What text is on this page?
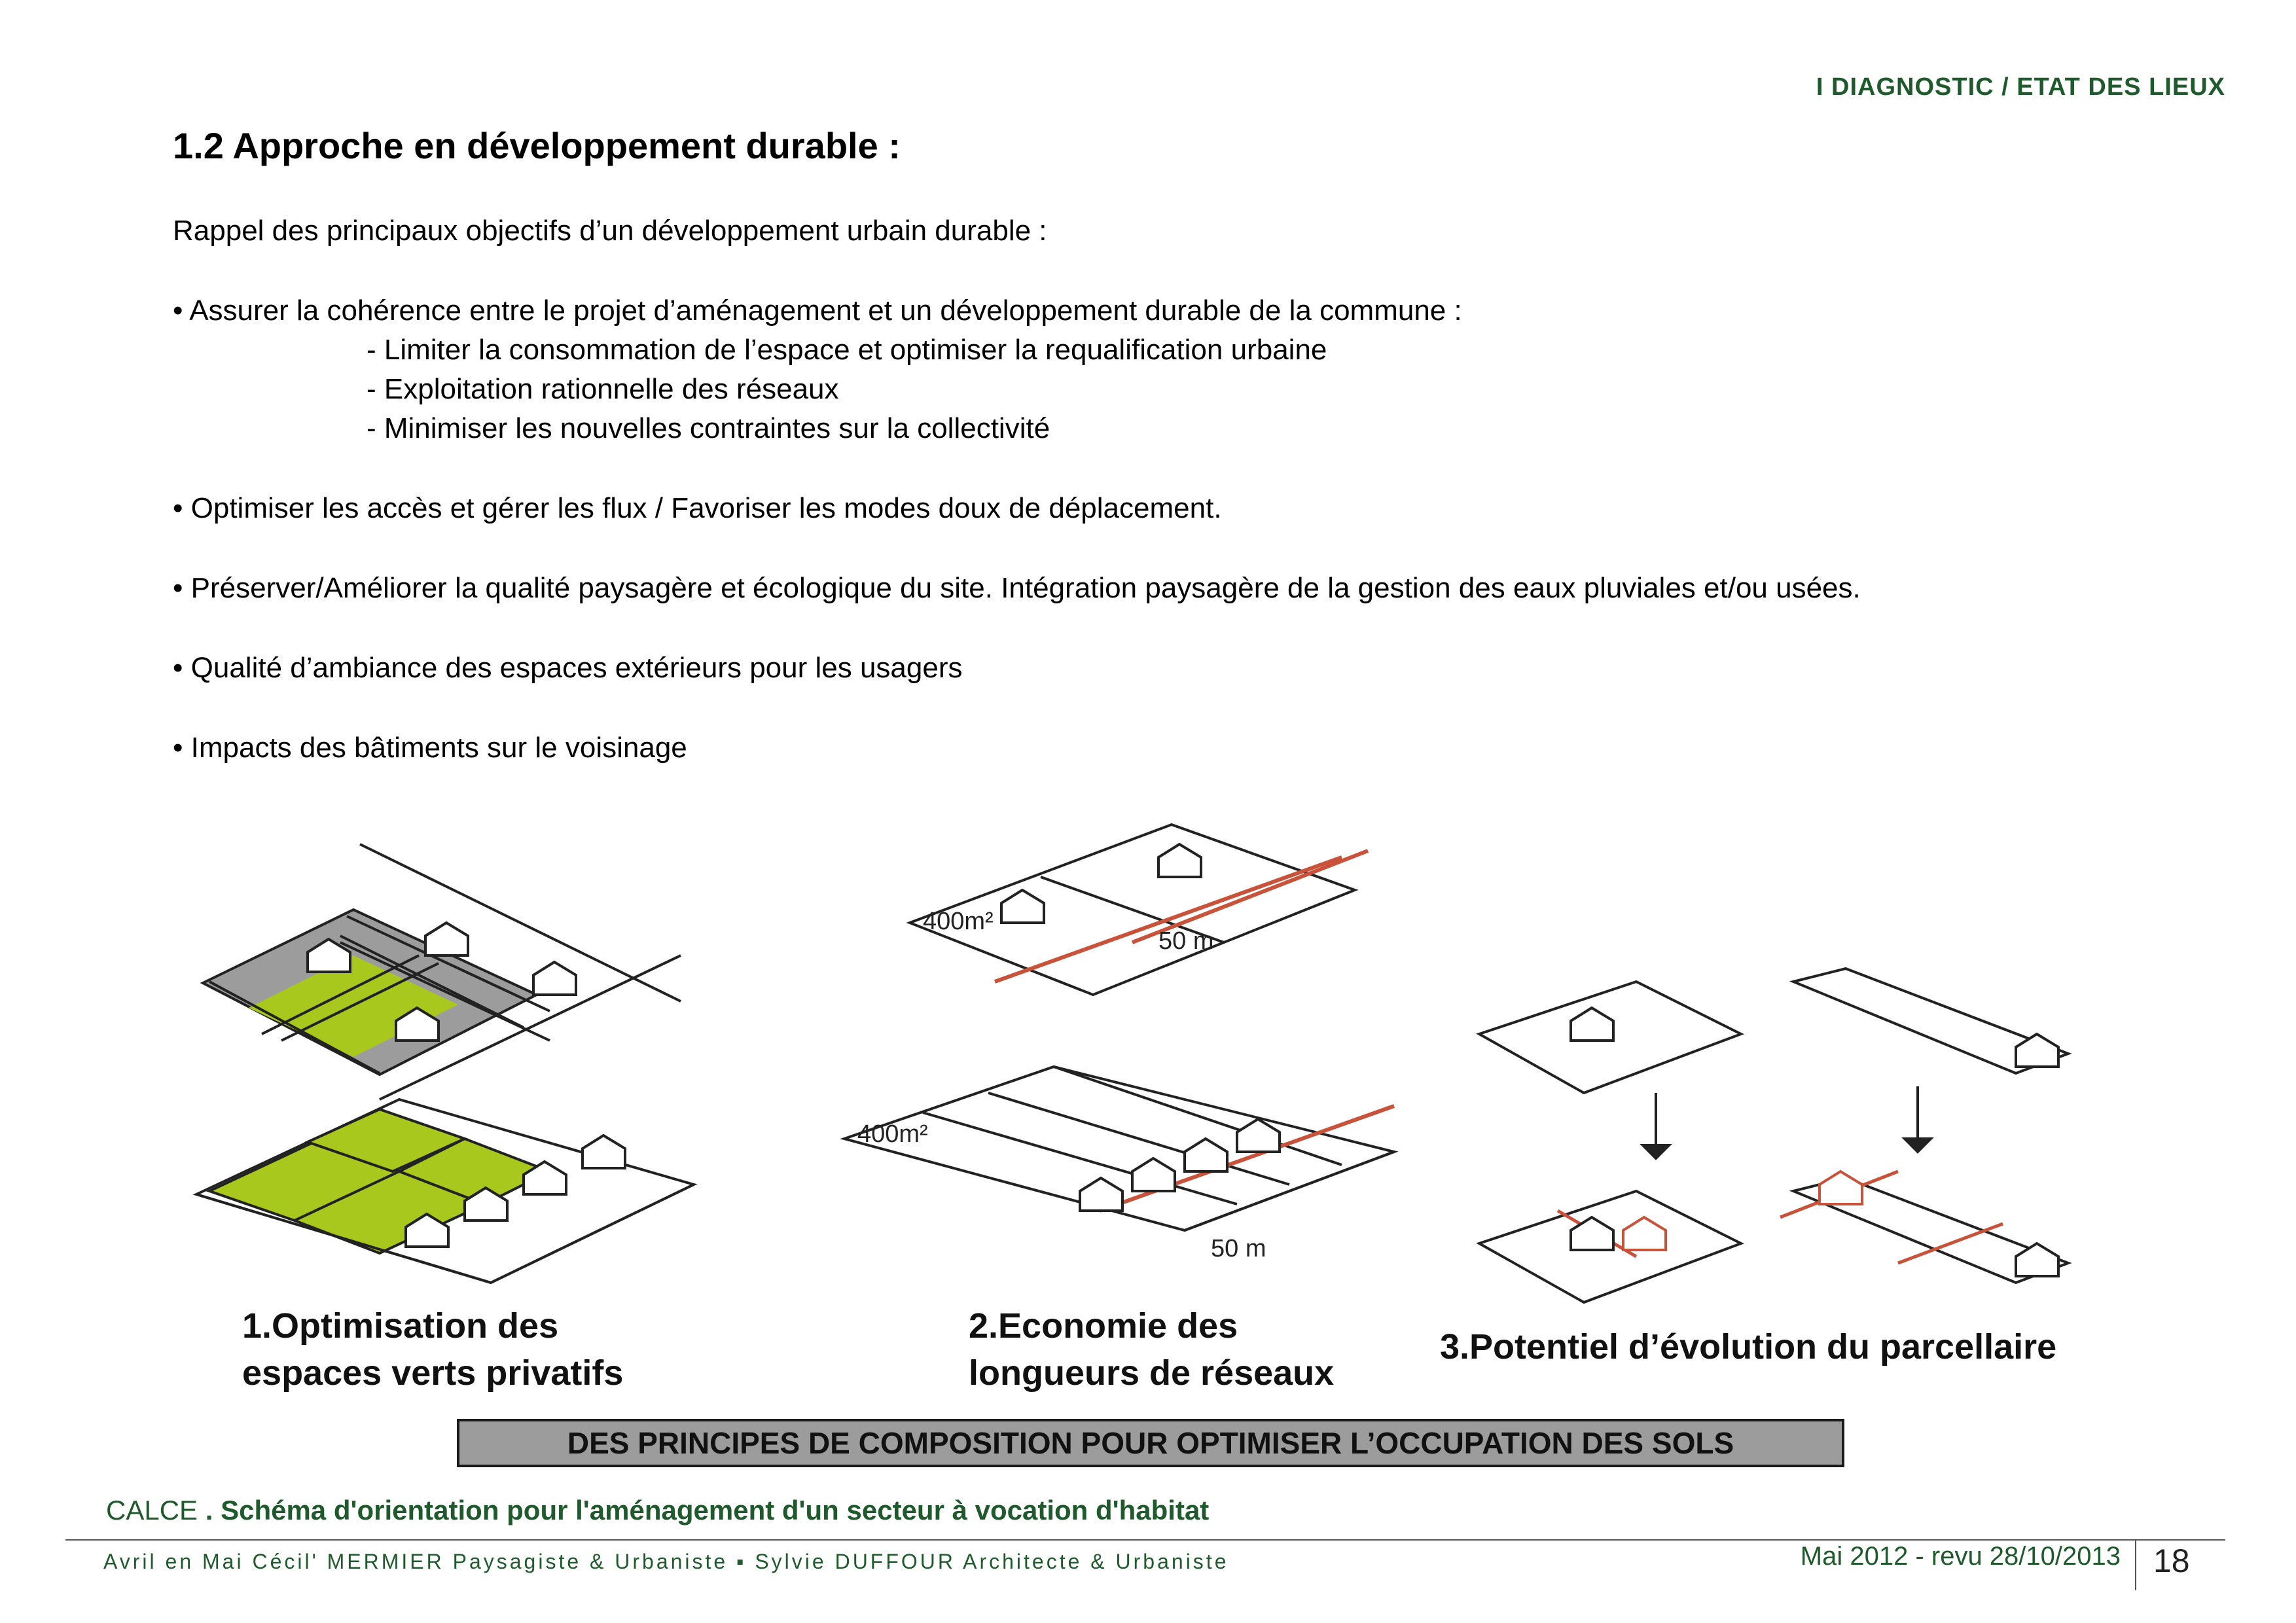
I DIAGNOSTIC / ETAT DES LIEUX
1.2 Approche en développement durable :
Rappel des principaux objectifs d’un développement urbain durable :
• Assurer la cohérence entre le projet d’aménagement et un développement durable de la commune :
- Limiter la consommation de l’espace et optimiser la requalification urbaine
- Exploitation rationnelle des réseaux
- Minimiser les nouvelles contraintes sur la collectivité
• Optimiser les accès et gérer les flux / Favoriser les modes doux de déplacement.
• Préserver/Améliorer la qualité paysagère et écologique du site. Intégration paysagère de la gestion des eaux pluviales et/ou usées.
• Qualité d’ambiance des espaces extérieurs pour les usagers
• Impacts des bâtiments sur le voisinage
1.Optimisation des
espaces verts privatifs
400m²
50 m
400m²
50 m
2.Economie des
longueurs de réseaux
3.Potentiel d’évolution du parcellaire
DES PRINCIPES DE COMPOSITION POUR OPTIMISER L’OCCUPATION DES SOLS
CALCE . Schéma d'orientation pour l'aménagement d'un secteur à vocation d'habitat
Avril en Mai Cécil' MERMIER Paysagiste & Urbaniste ▪ Sylvie DUFFOUR Architecte & Urbaniste	Mai 2012 - revu 28/10/2013 18
